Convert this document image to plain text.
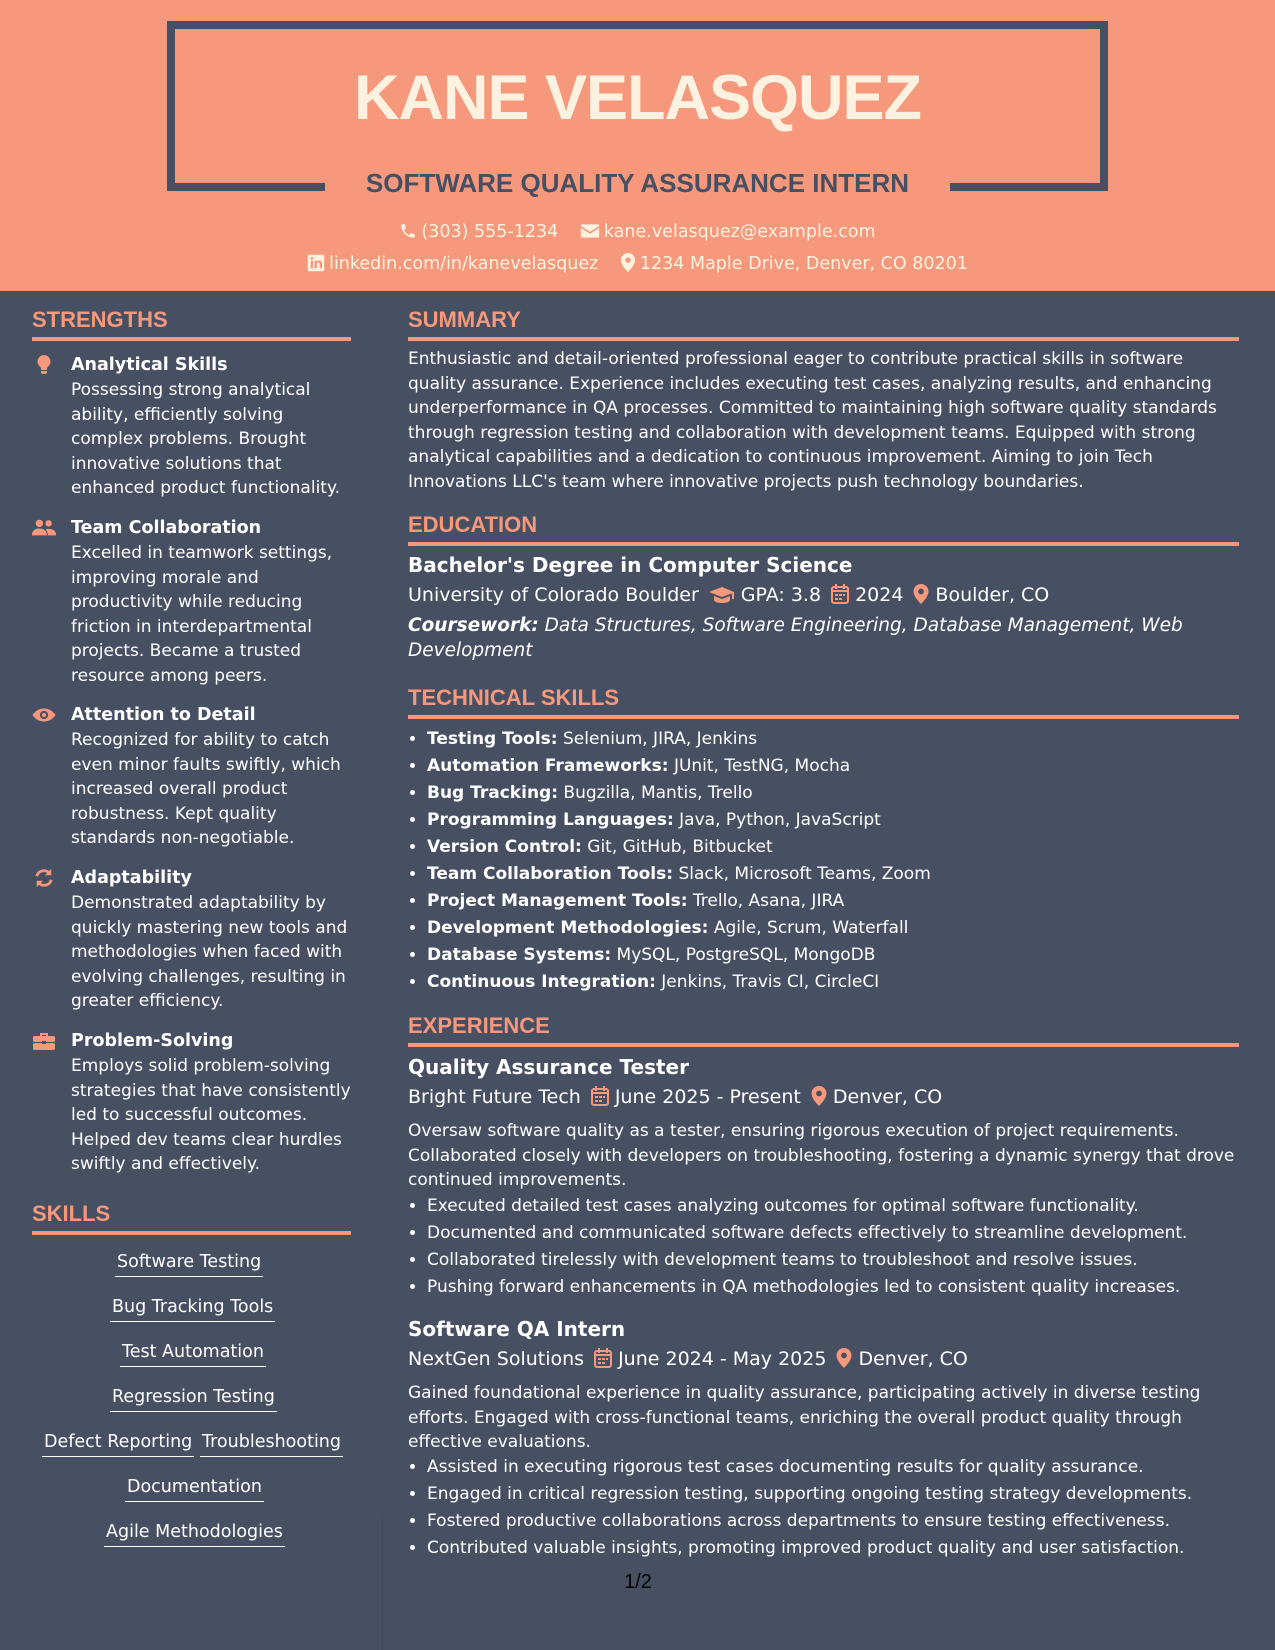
KANE VELASQUEZ
SOFTWARE QUALITY ASSURANCE INTERN
(303) 555-1234	kane.velasquez@example.com
linkedin.com/in/kanevelasquez 1234 Maple Drive, Denver, CO 80201
STRENGTHS
Analytical Skills
Possessing strong analytical ability, efficiently solving complex problems. Brought innovative solutions that enhanced product functionality.
Team Collaboration
Excelled in teamwork settings, improving morale and productivity while reducing friction in interdepartmental projects. Became a trusted resource among peers.
Attention to Detail
Recognized for ability to catch even minor faults swiftly, which increased overall product robustness. Kept quality standards non-negotiable.
Adaptability
Demonstrated adaptability by quickly mastering new tools and methodologies when faced with evolving challenges, resulting in greater efficiency.
Problem-Solving
Employs solid problem-solving strategies that have consistently led to successful outcomes. Helped dev teams clear hurdles swiftly and effectively.
SKILLS
Software Testing
Bug Tracking Tools
Test Automation
Regression Testing
Defect Reporting Troubleshooting
Documentation
Agile Methodologies
SUMMARY
Enthusiastic and detail-oriented professional eager to contribute practical skills in software quality assurance. Experience includes executing test cases, analyzing results, and enhancing underperformance in QA processes. Committed to maintaining high software quality standards through regression testing and collaboration with development teams. Equipped with strong analytical capabilities and a dedication to continuous improvement. Aiming to join Tech Innovations LLC's team where innovative projects push technology boundaries.
EDUCATION
Bachelor's Degree in Computer Science
University of Colorado Boulder GPA: 3.8 2024 Boulder, CO
Coursework: Data Structures, Software Engineering, Database Management, Web Development
TECHNICAL SKILLS
• Testing Tools: Selenium, JIRA, Jenkins
• Automation Frameworks: JUnit, TestNG, Mocha
• Bug Tracking: Bugzilla, Mantis, Trello
• Programming Languages: Java, Python, JavaScript
• Version Control: Git, GitHub, Bitbucket
• Team Collaboration Tools: Slack, Microsoft Teams, Zoom
• Project Management Tools: Trello, Asana, JIRA
• Development Methodologies: Agile, Scrum, Waterfall
• Database Systems: MySQL, PostgreSQL, MongoDB
• Continuous Integration: Jenkins, Travis CI, CircleCI
EXPERIENCE
Quality Assurance Tester
Bright Future Tech June 2025 - Present Denver, CO
Oversaw software quality as a tester, ensuring rigorous execution of project requirements. Collaborated closely with developers on troubleshooting, fostering a dynamic synergy that drove continued improvements.
• Executed detailed test cases analyzing outcomes for optimal software functionality.
• Documented and communicated software defects effectively to streamline development.
• Collaborated tirelessly with development teams to troubleshoot and resolve issues.
• Pushing forward enhancements in QA methodologies led to consistent quality increases.
Software QA Intern
NextGen Solutions June 2024 - May 2025 Denver, CO
Gained foundational experience in quality assurance, participating actively in diverse testing efforts. Engaged with cross-functional teams, enriching the overall product quality through effective evaluations.
• Assisted in executing rigorous test cases documenting results for quality assurance.
• Engaged in critical regression testing, supporting ongoing testing strategy developments.
• Fostered productive collaborations across departments to ensure testing effectiveness.
• Contributed valuable insights, promoting improved product quality and user satisfaction.
1/2
